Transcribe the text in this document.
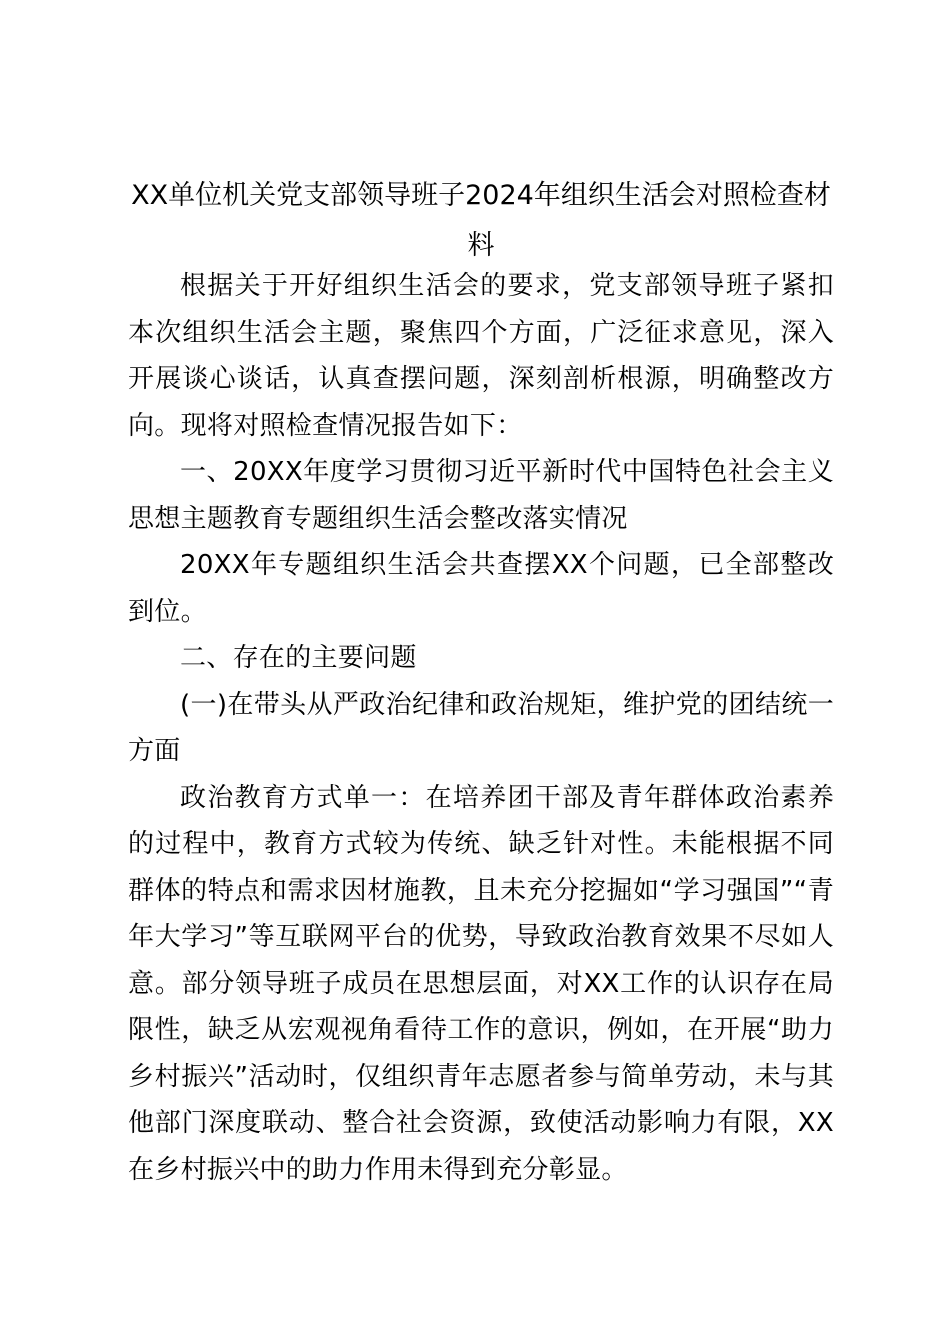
XX单位机关党支部领导班子2024年组织生活会对照检查材料

根据关于开好组织生活会的要求，党支部领导班子紧扣本次组织生活会主题，聚焦四个方面，广泛征求意见，深入开展谈心谈话，认真查摆问题，深刻剖析根源，明确整改方向。现将对照检查情况报告如下：

一、20XX年度学习贯彻习近平新时代中国特色社会主义思想主题教育专题组织生活会整改落实情况

20XX年专题组织生活会共查摆XX个问题，已全部整改到位。

二、存在的主要问题

(一)在带头从严政治纪律和政治规矩，维护党的团结统一方面

政治教育方式单一：在培养团干部及青年群体政治素养的过程中，教育方式较为传统、缺乏针对性。未能根据不同群体的特点和需求因材施教，且未充分挖掘如“学习强国”“青年大学习”等互联网平台的优势，导致政治教育效果不尽如人意。部分领导班子成员在思想层面，对XX工作的认识存在局限性，缺乏从宏观视角看待工作的意识，例如，在开展“助力乡村振兴”活动时，仅组织青年志愿者参与简单劳动，未与其他部门深度联动、整合社会资源，致使活动影响力有限，XX在乡村振兴中的助力作用未得到充分彰显。
